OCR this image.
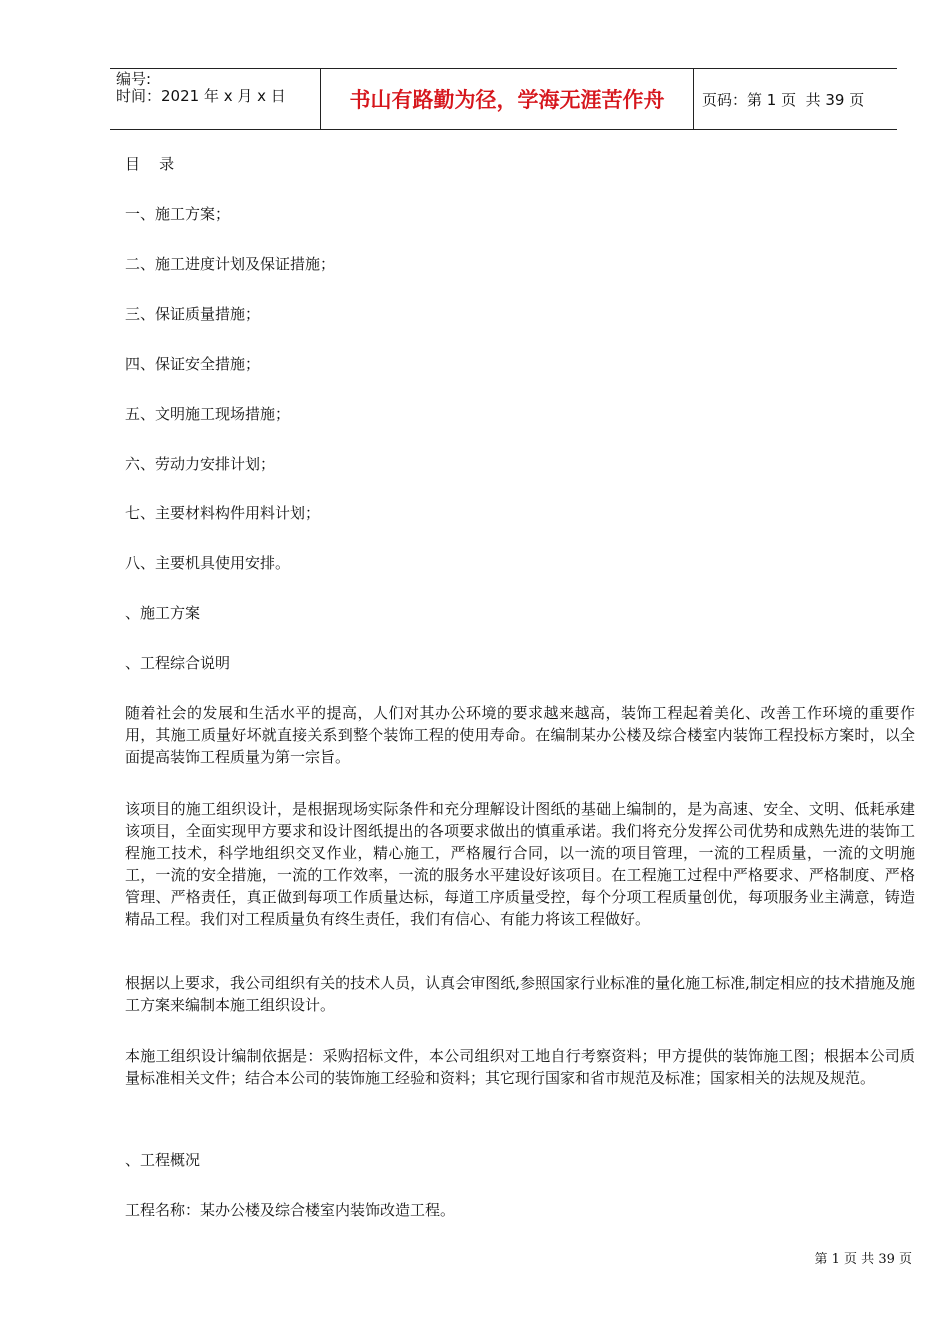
编号:
时间：2021 年 x 月 x 日	书山有路勤为径，学海无涯苦作舟	页码：第 1 页  共 39 页
目    录
一、施工方案；
二、施工进度计划及保证措施；
三、保证质量措施；
四、保证安全措施；
五、文明施工现场措施；
六、劳动力安排计划；
七、主要材料构件用料计划；
八、主要机具使用安排。
、施工方案
、工程综合说明
随着社会的发展和生活水平的提高，人们对其办公环境的要求越来越高，装饰工程起着美化、改善工作环境的重要作用，其施工质量好坏就直接关系到整个装饰工程的使用寿命。在编制某办公楼及综合楼室内装饰工程投标方案时，以全面提高装饰工程质量为第一宗旨。
该项目的施工组织设计，是根据现场实际条件和充分理解设计图纸的基础上编制的，是为高速、安全、文明、低耗承建该项目，全面实现甲方要求和设计图纸提出的各项要求做出的慎重承诺。我们将充分发挥公司优势和成熟先进的装饰工程施工技术，科学地组织交叉作业，精心施工，严格履行合同，以一流的项目管理，一流的工程质量，一流的文明施工，一流的安全措施，一流的工作效率，一流的服务水平建设好该项目。在工程施工过程中严格要求、严格制度、严格管理、严格责任，真正做到每项工作质量达标，每道工序质量受控，每个分项工程质量创优，每项服务业主满意，铸造精品工程。我们对工程质量负有终生责任，我们有信心、有能力将该工程做好。
根据以上要求，我公司组织有关的技术人员，认真会审图纸,参照国家行业标准的量化施工标准,制定相应的技术措施及施工方案来编制本施工组织设计。
本施工组织设计编制依据是：采购招标文件，本公司组织对工地自行考察资料；甲方提供的装饰施工图；根据本公司质量标准相关文件；结合本公司的装饰施工经验和资料；其它现行国家和省市规范及标准；国家相关的法规及规范。
、工程概况
工程名称：某办公楼及综合楼室内装饰改造工程。
第 1 页 共 39 页
